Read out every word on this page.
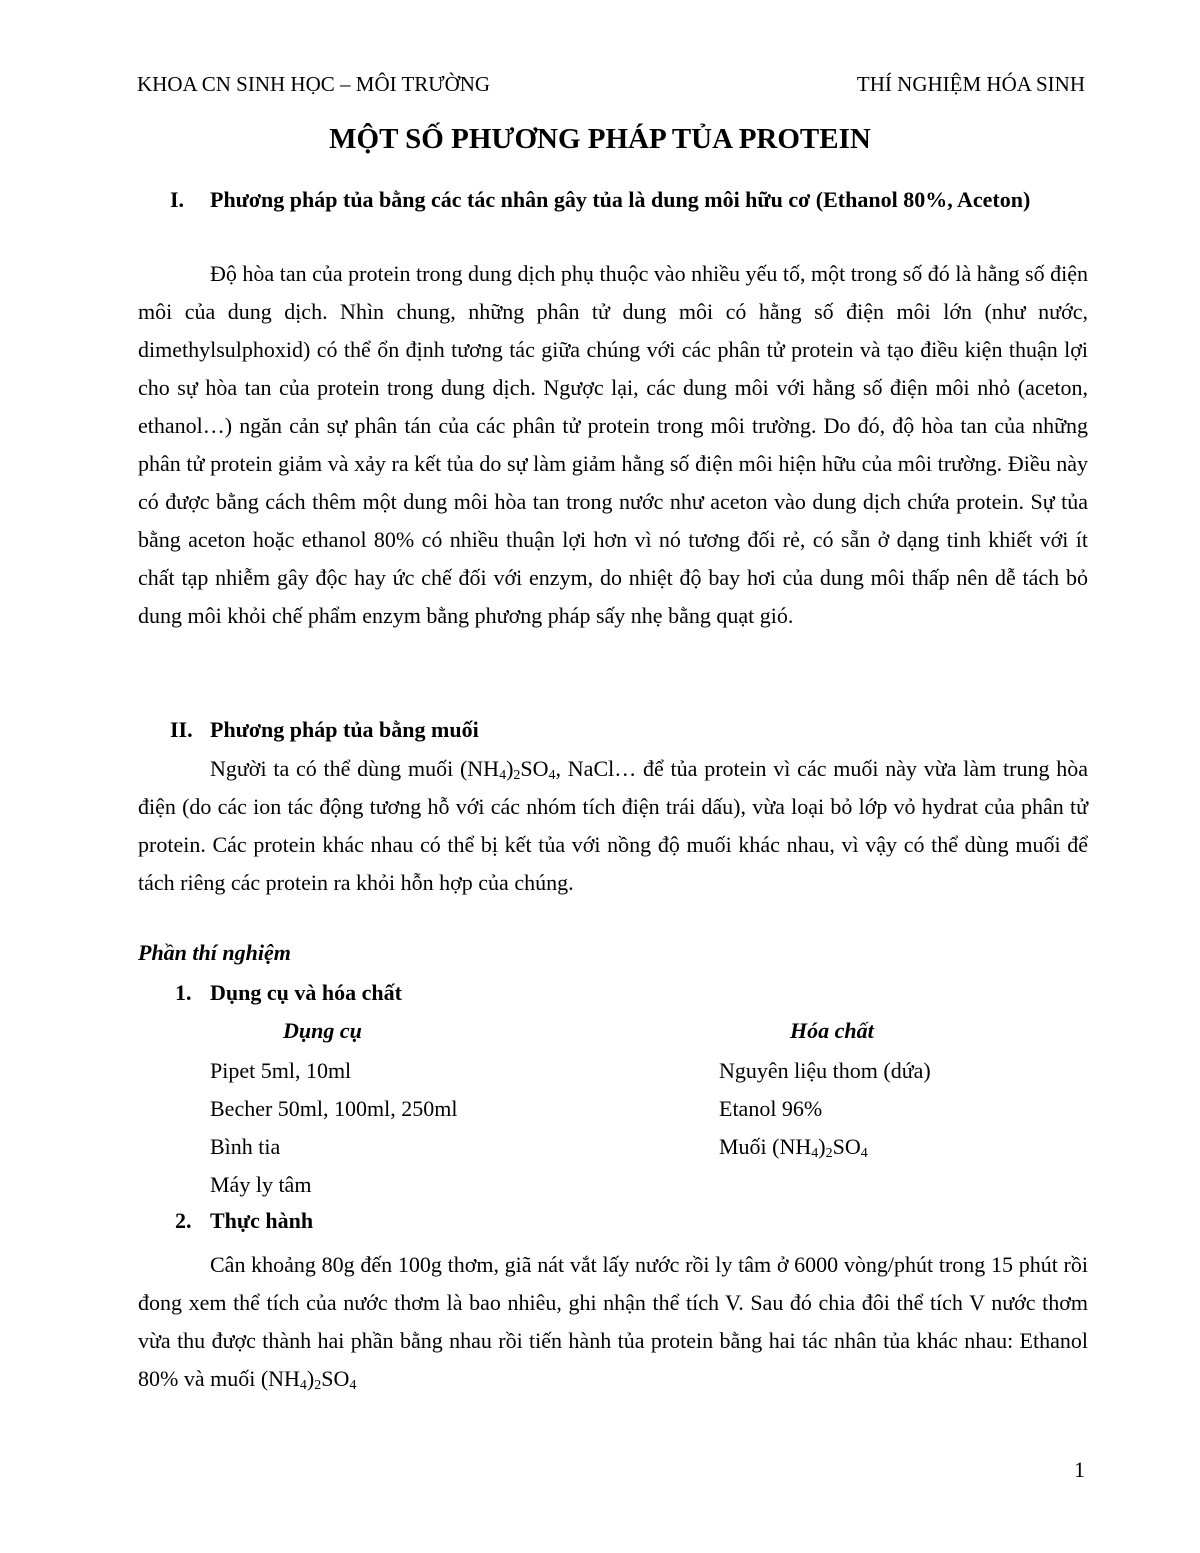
KHOA CN SINH HỌC – MÔI TRƯỜNG	THÍ NGHIỆM HÓA SINH
MỘT SỐ PHƯƠNG PHÁP TỦA PROTEIN
I. Phương pháp tủa bằng các tác nhân gây tủa là dung môi hữu cơ (Ethanol 80%, Aceton)

Độ hòa tan của protein trong dung dịch phụ thuộc vào nhiều yếu tố, một trong số đó là hằng số điện môi của dung dịch. Nhìn chung, những phân tử dung môi có hằng số điện môi lớn (như nước, dimethylsulphoxid) có thể ổn định tương tác giữa chúng với các phân tử protein và tạo điều kiện thuận lợi cho sự hòa tan của protein trong dung dịch. Ngược lại, các dung môi với hằng số điện môi nhỏ (aceton, ethanol…) ngăn cản sự phân tán của các phân tử protein trong môi trường. Do đó, độ hòa tan của những phân tử protein giảm và xảy ra kết tủa do sự làm giảm hằng số điện môi hiện hữu của môi trường. Điều này có được bằng cách thêm một dung môi hòa tan trong nước như aceton vào dung dịch chứa protein. Sự tủa bằng aceton hoặc ethanol 80% có nhiều thuận lợi hơn vì nó tương đối rẻ, có sẵn ở dạng tinh khiết với ít chất tạp nhiễm gây độc hay ức chế đối với enzym, do nhiệt độ bay hơi của dung môi thấp nên dễ tách bỏ dung môi khỏi chế phẩm enzym bằng phương pháp sấy nhẹ bằng quạt gió.

II. Phương pháp tủa bằng muối

Người ta có thể dùng muối $(NH_4)_2SO_4$, NaCl… để tủa protein vì các muối này vừa làm trung hòa điện (do các ion tác động tương hỗ với các nhóm tích điện trái dấu), vừa loại bỏ lớp vỏ hydrat của phân tử protein. Các protein khác nhau có thể bị kết tủa với nồng độ muối khác nhau, vì vậy có thể dùng muối để tách riêng các protein ra khỏi hỗn hợp của chúng.

Phần thí nghiệm
1. Dụng cụ và hóa chất
Dụng cụ	Hóa chất
Pipet 5ml, 10ml
Becher 50ml, 100ml, 250ml
Bình tia
Máy ly tâm
Nguyên liệu thom (dứa)
Etanol 96%
Muối $(NH_4)_2SO_4$
2. Thực hành

Cân khoảng 80g đến 100g thơm, giã nát vắt lấy nước rồi ly tâm ở 6000 vòng/phút trong 15 phút rồi đong xem thể tích của nước thơm là bao nhiêu, ghi nhận thể tích V. Sau đó chia đôi thể tích V nước thơm vừa thu được thành hai phần bằng nhau rồi tiến hành tủa protein bằng hai tác nhân tủa khác nhau: Ethanol 80% và muối $(NH_4)_2SO_4$

1
